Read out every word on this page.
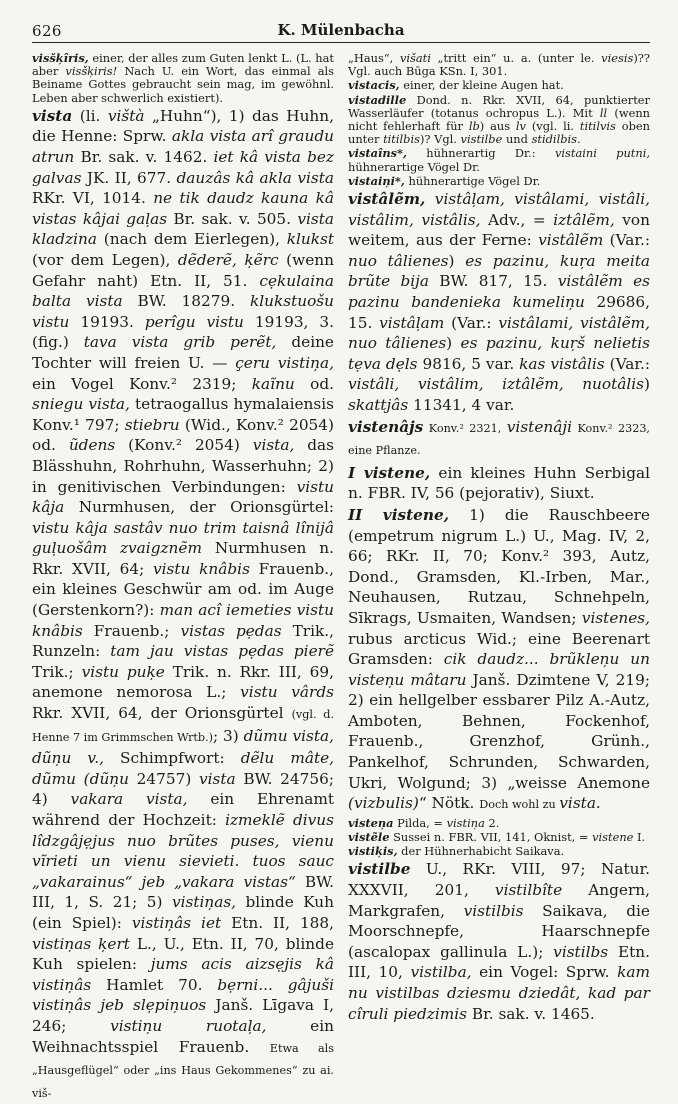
626	K. Mülenbacha

visšķîris, einer, der alles zum Guten lenkt L. (L. hat aber visšķiris! Nach U. ein Wort, das einmal als Beiname Gottes gebraucht sein mag, im gewöhnl. Leben aber schwerlich existiert).

vista (li. vištà „Huhn“), 1) das Huhn, die Henne: Sprw. akla vista arî graudu atrun Br. sak. v. 1462. iet kâ vista bez galvas JK. II, 677. dauzâs kâ akla vista RKr. VI, 1014. ne tik daudz kauna kâ vistas kâjai gaļas Br. sak. v. 505. vista kladzina (nach dem Eierlegen), klukst (vor dem Legen), dẽderẽ, ķẽrc (wenn Gefahr naht) Etn. II, 51. cẹkulaina balta vista BW. 18279. klukstuošu vistu 19193. perîgu vistu 19193, 3. (fig.) tava vista grib perẽt, deine Tochter will freien U. — çeru vistiņa, ein Vogel Konv.² 2319; kaĩnu od. sniegu vista, tetraogallus hymalaiensis Konv.¹ 797; stiebru (Wid., Konv.² 2054) od. ũdens (Konv.² 2054) vista, das Blässhuhn, Rohrhuhn, Wasserhuhn; 2) in genitivischen Verbindungen: vistu kâja Nurmhusen, der Orionsgürtel: vistu kâja sastâv nuo trim taisnâ lînijâ guļuošâm zvaigznẽm Nurmhusen n. Rkr. XVII, 64; vistu knâbis Frauenb., ein kleines Geschwür am od. im Auge (Gerstenkorn?): man acî iemeties vistu knâbis Frauenb.; vistas pẹdas Trik., Runzeln: tam jau vistas pẹdas pierẽ Trik.; vistu puķe Trik. n. Rkr. III, 69, anemone nemorosa L.; vistu vârds Rkr. XVII, 64, der Orionsgürtel (vgl. d. Henne 7 im Grimmschen Wrtb.); 3) dũmu vista, dũņu v., Schimpfwort: dẽlu mâte, dũmu (dũņu 24757) vista BW. 24756; 4) vakara vista, ein Ehrenamt während der Hochzeit: izmeklẽ divus lîdzgâjẹjus nuo brũtes puses, vienu vĩrieti un vienu sievieti. tuos sauc „vakarainus“ jeb „vakara vistas“ BW. III, 1, S. 21; 5) vistiņas, blinde Kuh (ein Spiel): vistiņâs iet Etn. II, 188, vistiņas ķert L., U., Etn. II, 70, blinde Kuh spielen: jums acis aizsẹjis kâ vistiņâs Hamlet 70. bẹrni... gâjuši vistiņâs jeb slẹpiņuos Janš. Līgava I, 246; vistiņu ruotaļa, ein Weihnachtsspiel Frauenb. Etwa als „Hausgeflügel“ oder „ins Haus Gekommenes“ zu ai. viš-

„Haus“, višati „tritt ein“ u. a. (unter le. viesis)?? Vgl. auch Būga KSn. I, 301.

vistacis, einer, der kleine Augen hat.

vistadille Dond. n. Rkr. XVII, 64, punktierter Wasserläufer (totanus ochropus L.). Mit ll (wenn nicht fehlerhaft für lb) aus lv (vgl. li. titilvis oben unter titilbis)? Vgl. vistilbe und stidilbis.

vistaîns*, hühnerartig Dr.: vistaini putni, hühnerartige Vögel Dr.

vistaiņi*, hühnerartige Vögel Dr.

vistâlẽm, vistâļam, vistâlami, vistâli, vistâlim, vistâlis, Adv., = iztâlẽm, von weitem, aus der Ferne: vistâlẽm (Var.: nuo tâlienes) es pazinu, kuŗa meita brũte bija BW. 817, 15. vistâlẽm es pazinu bandenieka kumeliņu 29686, 15. vistâļam (Var.: vistâlami, vistâlẽm, nuo tâlienes) es pazinu, kuŗš nelietis tẹva dẹls 9816, 5 var. kas vistâlis (Var.: vistâli, vistâlim, iztâlẽm, nuotâlis) skattjâs 11341, 4 var.

vistenâjs Konv.² 2321, vistenâji Konv.² 2323, eine Pflanze.

I vistene, ein kleines Huhn Serbigal n. FBR. IV, 56 (pejorativ), Siuxt.

II vistene, 1) die Rauschbeere (empetrum nigrum L.) U., Mag. IV, 2, 66; RKr. II, 70; Konv.² 393, Autz, Dond., Gramsden, Kl.-Irben, Mar., Neuhausen, Rutzau, Schnehpeln, Sīkrags, Usmaiten, Wandsen; vistenes, rubus arcticus Wid.; eine Beerenart Gramsden: cik daudz... brũkleņu un visteņu mâtaru Janš. Dzimtene V, 219; 2) ein hellgelber essbarer Pilz A.-Autz, Amboten, Behnen, Fockenhof, Frauenb., Grenzhof, Grünh., Pankelhof, Schrunden, Schwarden, Ukri, Wolgund; 3) „weisse Anemone (vizbulis)“ Nötk. Doch wohl zu vista.

visteņa Pilda, = vistiņa 2.

vistẽle Sussei n. FBR. VII, 141, Oknist, = vistene I.

vistiķis, der Hühnerhabicht Saikava.

vistilbe U., RKr. VIII, 97; Natur. XXXVII, 201, vistilbîte Angern, Markgrafen, vistilbis Saikava, die Moorschnepfe, Haarschnepfe (ascalopax gallinula L.); vistilbs Etn. III, 10, vistilba, ein Vogel: Sprw. kam nu vistilbas dziesmu dziedât, kad par cîruli piedzimis Br. sak. v. 1465.
